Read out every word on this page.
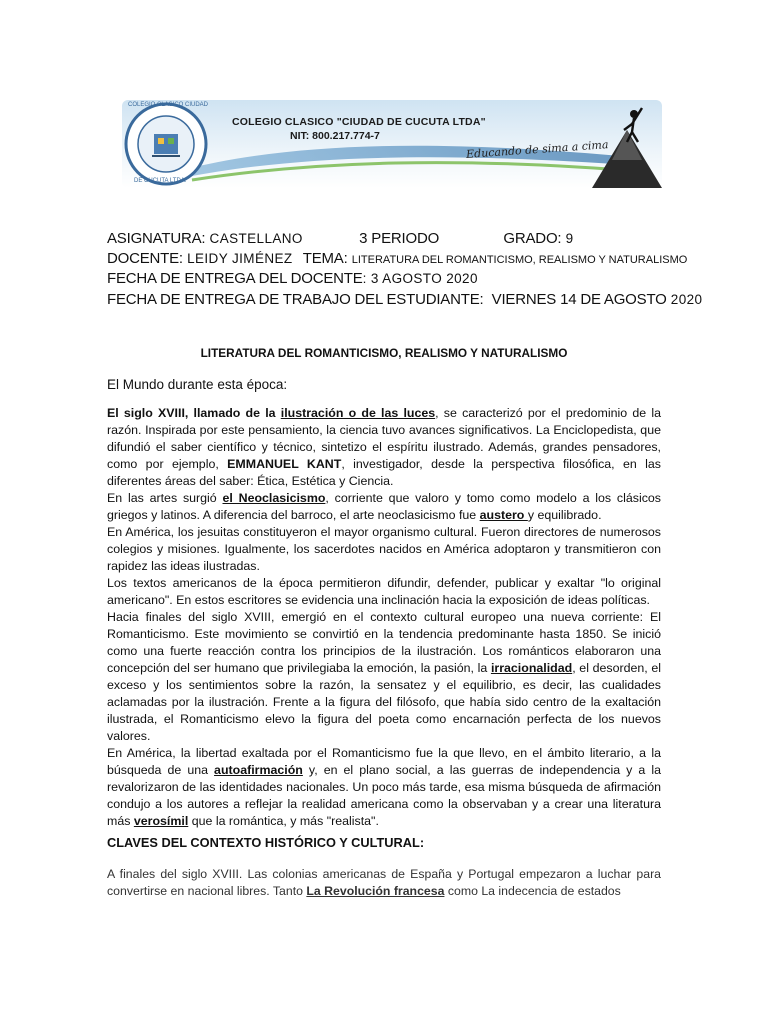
DE CUCUTA LTDA.
COLEGIO CLASICO CIUDAD
COLEGIO CLASICO "CIUDAD DE CUCUTA LTDA"
NIT: 800.217.774-7
Educando de sima a cima
ASIGNATURA: CASTELLANO	3 PERIODO	GRADO: 9
DOCENTE: LEIDY JIMÉNEZ TEMA: LITERATURA DEL ROMANTICISMO, REALISMO Y NATURALISMO
FECHA DE ENTREGA DEL DOCENTE: 3 AGOSTO 2020
FECHA DE ENTREGA DE TRABAJO DEL ESTUDIANTE: VIERNES 14 DE AGOSTO 2020
LITERATURA DEL ROMANTICISMO, REALISMO Y NATURALISMO
El Mundo durante esta época:

El siglo XVIII, llamado de la ilustración o de las luces, se caracterizó por el predominio de la razón. Inspirada por este pensamiento, la ciencia tuvo avances significativos. La Enciclopedista, que difundió el saber científico y técnico, sintetizo el espíritu ilustrado. Además, grandes pensadores, como por ejemplo, EMMANUEL KANT, investigador, desde la perspectiva filosófica, en las diferentes áreas del saber: Ética, Estética y Ciencia.

En las artes surgió el Neoclasicismo, corriente que valoro y tomo como modelo a los clásicos griegos y latinos. A diferencia del barroco, el arte neoclasicismo fue austero y equilibrado.

En América, los jesuitas constituyeron el mayor organismo cultural. Fueron directores de numerosos colegios y misiones. Igualmente, los sacerdotes nacidos en América adoptaron y transmitieron con rapidez las ideas ilustradas.

Los textos americanos de la época permitieron difundir, defender, publicar y exaltar "lo original americano". En estos escritores se evidencia una inclinación hacia la exposición de ideas políticas.

Hacia finales del siglo XVIII, emergió en el contexto cultural europeo una nueva corriente: El Romanticismo. Este movimiento se convirtió en la tendencia predominante hasta 1850. Se inició como una fuerte reacción contra los principios de la ilustración. Los románticos elaboraron una concepción del ser humano que privilegiaba la emoción, la pasión, la irracionalidad, el desorden, el exceso y los sentimientos sobre la razón, la sensatez y el equilibrio, es decir, las cualidades aclamadas por la ilustración. Frente a la figura del filósofo, que había sido centro de la exaltación ilustrada, el Romanticismo elevo la figura del poeta como encarnación perfecta de los nuevos valores.

En América, la libertad exaltada por el Romanticismo fue la que llevo, en el ámbito literario, a la búsqueda de una autoafirmación y, en el plano social, a las guerras de independencia y a la revalorizaron de las identidades nacionales. Un poco más tarde, esa misma búsqueda de afirmación condujo a los autores a reflejar la realidad americana como la observaban y a crear una literatura más verosímil que la romántica, y más "realista".

CLAVES DEL CONTEXTO HISTÓRICO Y CULTURAL:
A finales del siglo XVIII. Las colonias americanas de España y Portugal empezaron a luchar para convertirse en nacional libres. Tanto La Revolución francesa como La indecencia de estados
